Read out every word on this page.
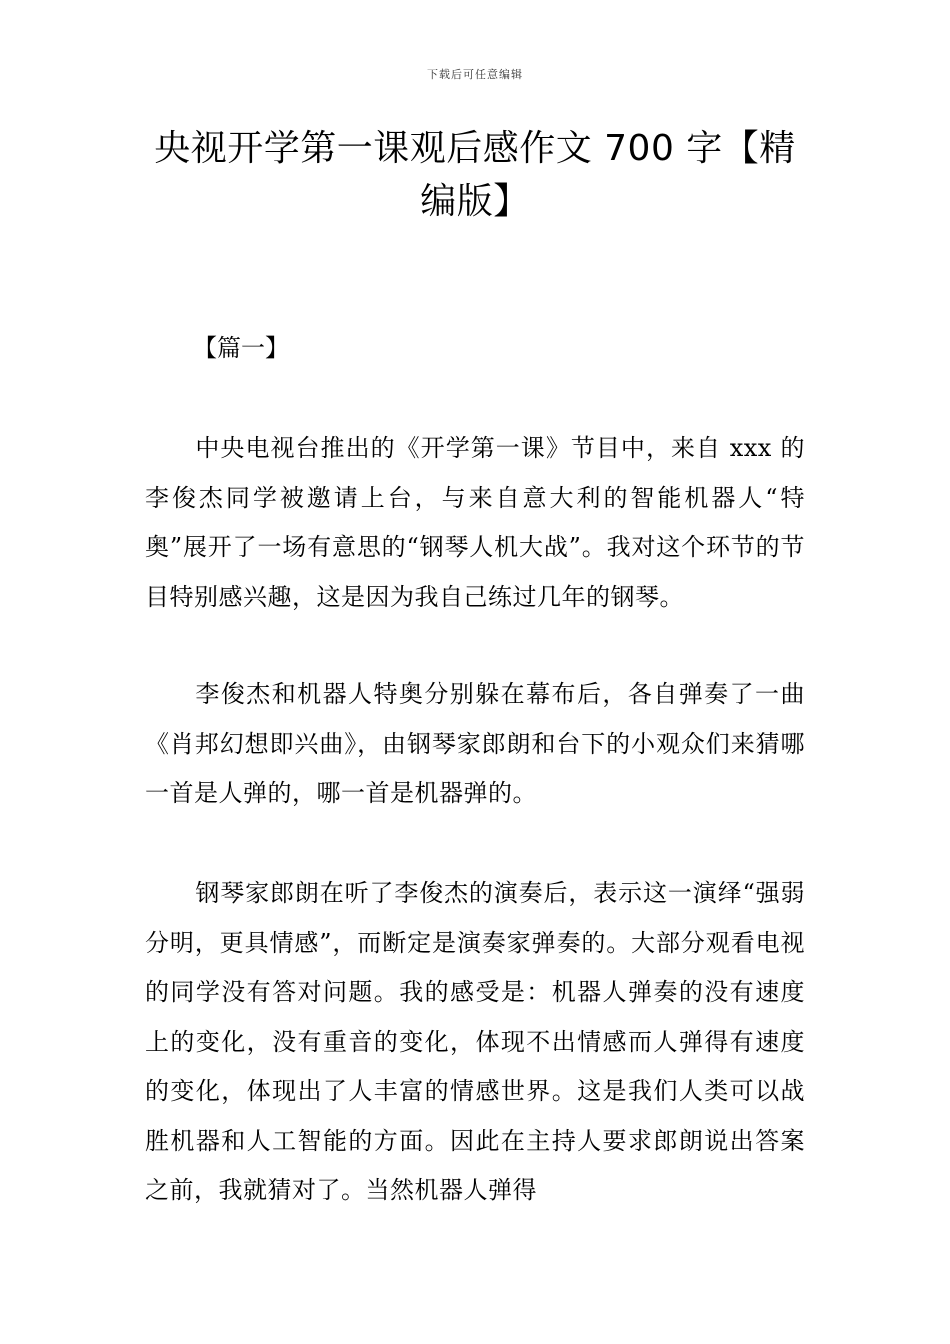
下载后可任意编辑
央视开学第一课观后感作文 700 字【精编版】

【篇一】

中央电视台推出的《开学第一课》节目中，来自 xxx 的李俊杰同学被邀请上台，与来自意大利的智能机器人“特奥”展开了一场有意思的“钢琴人机大战”。我对这个环节的节目特别感兴趣，这是因为我自己练过几年的钢琴。

李俊杰和机器人特奥分别躲在幕布后，各自弹奏了一曲《肖邦幻想即兴曲》，由钢琴家郎朗和台下的小观众们来猜哪一首是人弹的，哪一首是机器弹的。

钢琴家郎朗在听了李俊杰的演奏后，表示这一演绎“强弱分明，更具情感”，而断定是演奏家弹奏的。大部分观看电视的同学没有答对问题。我的感受是：机器人弹奏的没有速度上的变化，没有重音的变化，体现不出情感而人弹得有速度的变化，体现出了人丰富的情感世界。这是我们人类可以战胜机器和人工智能的方面。因此在主持人要求郎朗说出答案之前，我就猜对了。当然机器人弹得
